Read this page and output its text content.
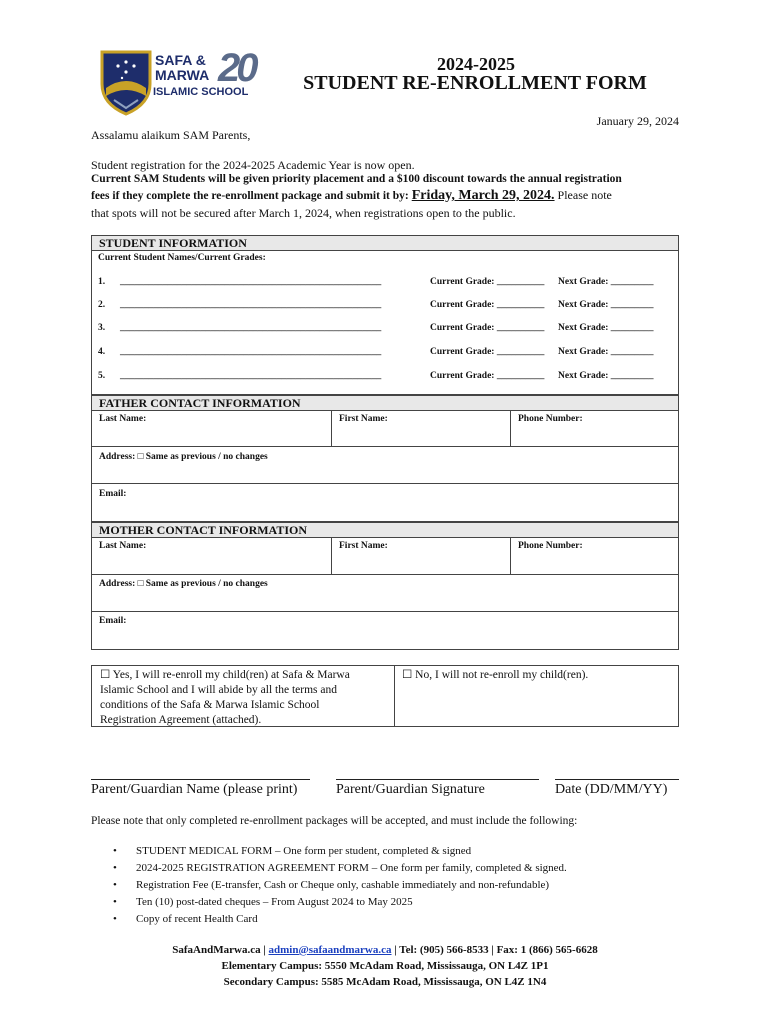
SAFA &
MARWA
ISLAMIC SCHOOL
20	2024-2025
STUDENT RE-ENROLLMENT FORM
January 29, 2024
Assalamu alaikum SAM Parents,
Student registration for the 2024-2025 Academic Year is now open.
Current SAM Students will be given priority placement and a $100 discount towards the annual registration
fees if they complete the re-enrollment package and submit it by: Friday, March 29, 2024. Please note
that spots will not be secured after March 1, 2024, when registrations open to the public.
STUDENT INFORMATION
Current Student Names/Current Grades:
1. _______________________________________________________	Current Grade: __________ Next Grade: _________
2. _______________________________________________________	Current Grade: __________ Next Grade: _________
3. _______________________________________________________	Current Grade: __________ Next Grade: _________
4. _______________________________________________________	Current Grade: __________ Next Grade: _________
5. _______________________________________________________	Current Grade: __________ Next Grade: _________
FATHER CONTACT INFORMATION
Last Name:	First Name:	Phone Number:
Address: □ Same as previous / no changes
Email:
MOTHER CONTACT INFORMATION
Last Name:	First Name:	Phone Number:
Address: □ Same as previous / no changes
Email:
☐ Yes, I will re-enroll my child(ren) at Safa & Marwa
Islamic School and I will abide by all the terms and
conditions of the Safa & Marwa Islamic School
Registration Agreement (attached).
☐ No, I will not re-enroll my child(ren).
Parent/Guardian Name (please print)	Parent/Guardian Signature	Date (DD/MM/YY)
Please note that only completed re-enrollment packages will be accepted, and must include the following:
• STUDENT MEDICAL FORM – One form per student, completed & signed
• 2024-2025 REGISTRATION AGREEMENT FORM – One form per family, completed & signed.
• Registration Fee (E-transfer, Cash or Cheque only, cashable immediately and non-refundable)
• Ten (10) post-dated cheques – From August 2024 to May 2025
• Copy of recent Health Card
SafaAndMarwa.ca | admin@safaandmarwa.ca | Tel: (905) 566-8533 | Fax: 1 (866) 565-6628
Elementary Campus: 5550 McAdam Road, Mississauga, ON L4Z 1P1
Secondary Campus: 5585 McAdam Road, Mississauga, ON L4Z 1N4
